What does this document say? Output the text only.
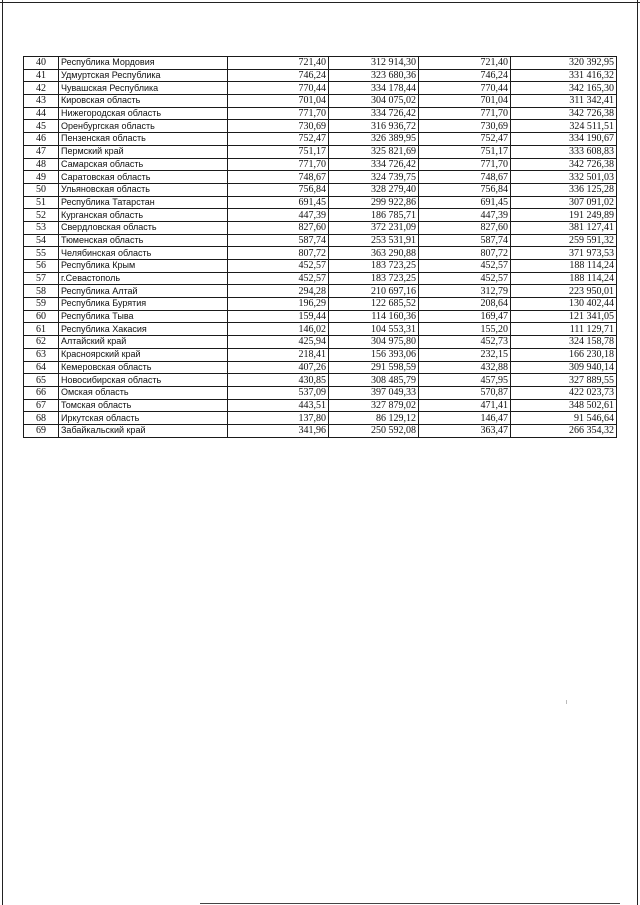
40	Республика Мордовия	721,40	312 914,30	721,40	320 392,95
41	Удмуртская Республика	746,24	323 680,36	746,24	331 416,32
42	Чувашская Республика	770,44	334 178,44	770,44	342 165,30
43	Кировская область	701,04	304 075,02	701,04	311 342,41
44	Нижегородская область	771,70	334 726,42	771,70	342 726,38
45	Оренбургская область	730,69	316 936,72	730,69	324 511,51
46	Пензенская область	752,47	326 389,95	752,47	334 190,67
47	Пермский край	751,17	325 821,69	751,17	333 608,83
48	Самарская область	771,70	334 726,42	771,70	342 726,38
49	Саратовская область	748,67	324 739,75	748,67	332 501,03
50	Ульяновская область	756,84	328 279,40	756,84	336 125,28
51	Республика Татарстан	691,45	299 922,86	691,45	307 091,02
52	Курганская область	447,39	186 785,71	447,39	191 249,89
53	Свердловская область	827,60	372 231,09	827,60	381 127,41
54	Тюменская область	587,74	253 531,91	587,74	259 591,32
55	Челябинская область	807,72	363 290,88	807,72	371 973,53
56	Республика Крым	452,57	183 723,25	452,57	188 114,24
57	г.Севастополь	452,57	183 723,25	452,57	188 114,24
58	Республика Алтай	294,28	210 697,16	312,79	223 950,01
59	Республика Бурятия	196,29	122 685,52	208,64	130 402,44
60	Республика Тыва	159,44	114 160,36	169,47	121 341,05
61	Республика Хакасия	146,02	104 553,31	155,20	111 129,71
62	Алтайский край	425,94	304 975,80	452,73	324 158,78
63	Красноярский край	218,41	156 393,06	232,15	166 230,18
64	Кемеровская область	407,26	291 598,59	432,88	309 940,14
65	Новосибирская область	430,85	308 485,79	457,95	327 889,55
66	Омская область	537,09	397 049,33	570,87	422 023,73
67	Томская область	443,51	327 879,02	471,41	348 502,61
68	Иркутская область	137,80	86 129,12	146,47	91 546,64
69	Забайкальский край	341,96	250 592,08	363,47	266 354,32
